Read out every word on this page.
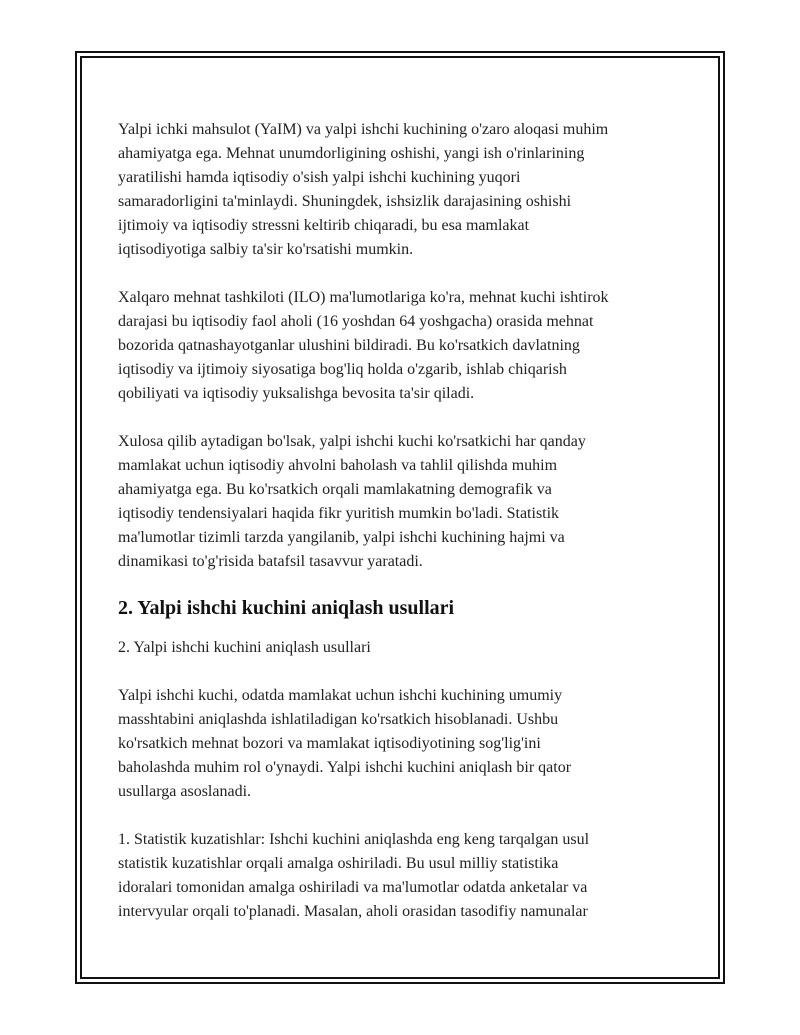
Yalpi ichki mahsulot (YaIM) va yalpi ishchi kuchining o'zaro aloqasi muhim
ahamiyatga ega. Mehnat unumdorligining oshishi, yangi ish o'rinlarining
yaratilishi hamda iqtisodiy o'sish yalpi ishchi kuchining yuqori
samaradorligini ta'minlaydi. Shuningdek, ishsizlik darajasining oshishi
ijtimoiy va iqtisodiy stressni keltirib chiqaradi, bu esa mamlakat
iqtisodiyotiga salbiy ta'sir ko'rsatishi mumkin.

Xalqaro mehnat tashkiloti (ILO) ma'lumotlariga ko'ra, mehnat kuchi ishtirok
darajasi bu iqtisodiy faol aholi (16 yoshdan 64 yoshgacha) orasida mehnat
bozorida qatnashayotganlar ulushini bildiradi. Bu ko'rsatkich davlatning
iqtisodiy va ijtimoiy siyosatiga bog'liq holda o'zgarib, ishlab chiqarish
qobiliyati va iqtisodiy yuksalishga bevosita ta'sir qiladi.

Xulosa qilib aytadigan bo'lsak, yalpi ishchi kuchi ko'rsatkichi har qanday
mamlakat uchun iqtisodiy ahvolni baholash va tahlil qilishda muhim
ahamiyatga ega. Bu ko'rsatkich orqali mamlakatning demografik va
iqtisodiy tendensiyalari haqida fikr yuritish mumkin bo'ladi. Statistik
ma'lumotlar tizimli tarzda yangilanib, yalpi ishchi kuchining hajmi va
dinamikasi to'g'risida batafsil tasavvur yaratadi.

2. Yalpi ishchi kuchini aniqlash usullari

2. Yalpi ishchi kuchini aniqlash usullari

Yalpi ishchi kuchi, odatda mamlakat uchun ishchi kuchining umumiy
masshtabini aniqlashda ishlatiladigan ko'rsatkich hisoblanadi. Ushbu
ko'rsatkich mehnat bozori va mamlakat iqtisodiyotining sog'lig'ini
baholashda muhim rol o'ynaydi. Yalpi ishchi kuchini aniqlash bir qator
usullarga asoslanadi.

1. Statistik kuzatishlar: Ishchi kuchini aniqlashda eng keng tarqalgan usul
statistik kuzatishlar orqali amalga oshiriladi. Bu usul milliy statistika
idoralari tomonidan amalga oshiriladi va ma'lumotlar odatda anketalar va
intervyular orqali to'planadi. Masalan, aholi orasidan tasodifiy namunalar
